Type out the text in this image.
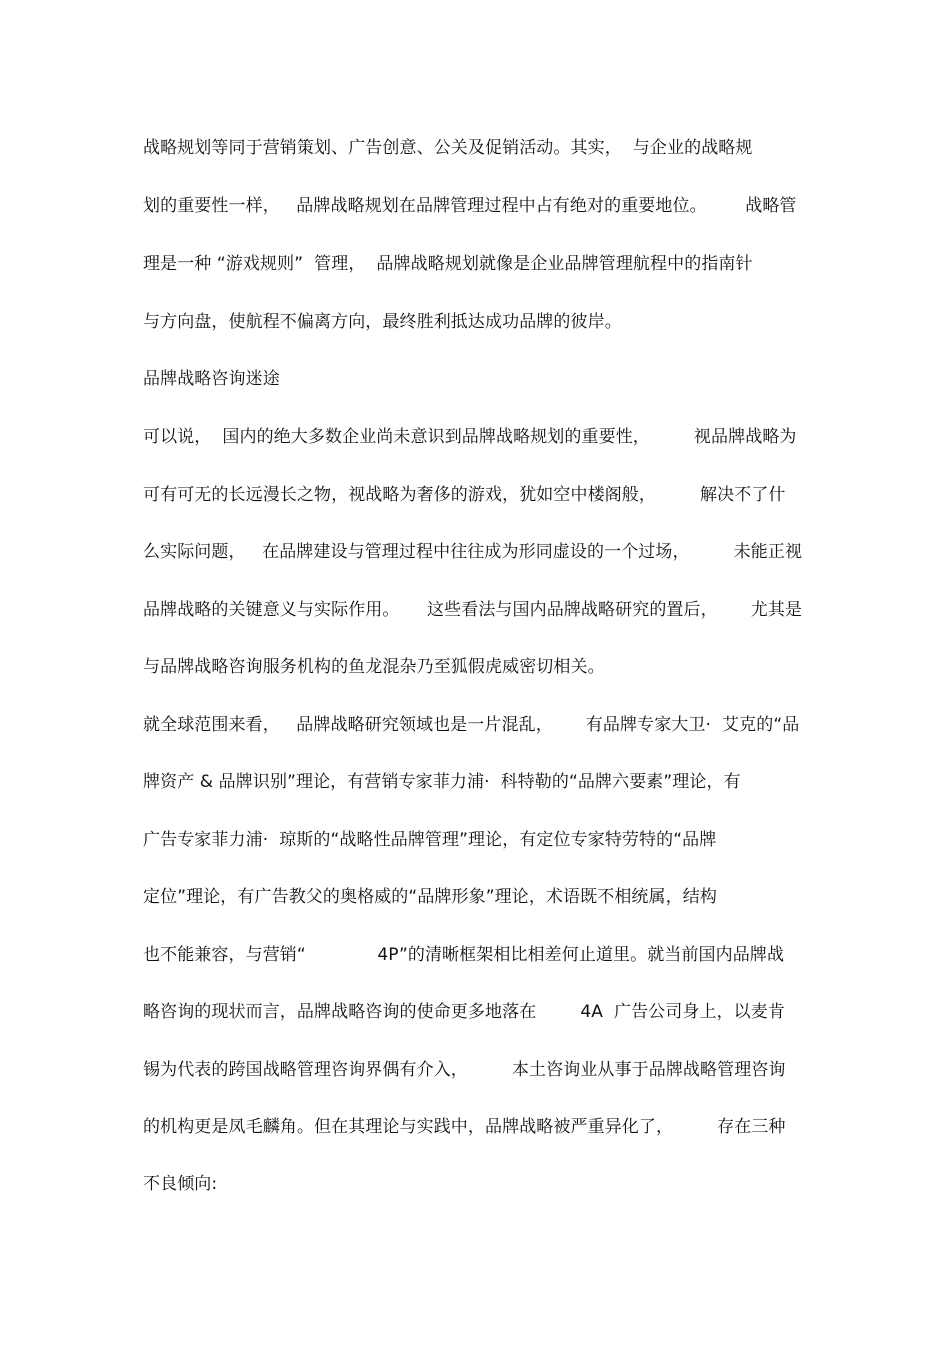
战略规划等同于营销策划、广告创意、公关及促销活动。其实，  与企业的战略规
划的重要性一样，   品牌战略规划在品牌管理过程中占有绝对的重要地位。       战略管
理是一种 “游戏规则”  管理，  品牌战略规划就像是企业品牌管理航程中的指南针
与方向盘，使航程不偏离方向，最终胜利抵达成功品牌的彼岸。
品牌战略咨询迷途
可以说，  国内的绝大多数企业尚未意识到品牌战略规划的重要性，        视品牌战略为
可有可无的长远漫长之物，视战略为奢侈的游戏，犹如空中楼阁般，        解决不了什
么实际问题，   在品牌建设与管理过程中往往成为形同虚设的一个过场，        未能正视
品牌战略的关键意义与实际作用。     这些看法与国内品牌战略研究的置后，      尤其是
与品牌战略咨询服务机构的鱼龙混杂乃至狐假虎威密切相关。
就全球范围来看，   品牌战略研究领域也是一片混乱，      有品牌专家大卫·  艾克的“品
牌资产 & 品牌识别”理论，有营销专家菲力浦·  科特勒的“品牌六要素”理论，有
广告专家菲力浦·  琼斯的“战略性品牌管理”理论，有定位专家特劳特的“品牌
定位”理论，有广告教父的奥格威的“品牌形象”理论，术语既不相统属，结构
也不能兼容，与营销“             4P”的清晰框架相比相差何止道里。就当前国内品牌战
略咨询的现状而言，品牌战略咨询的使命更多地落在        4A  广告公司身上，以麦肯
锡为代表的跨国战略管理咨询界偶有介入，        本土咨询业从事于品牌战略管理咨询
的机构更是凤毛麟角。但在其理论与实践中，品牌战略被严重异化了，        存在三种
不良倾向:
